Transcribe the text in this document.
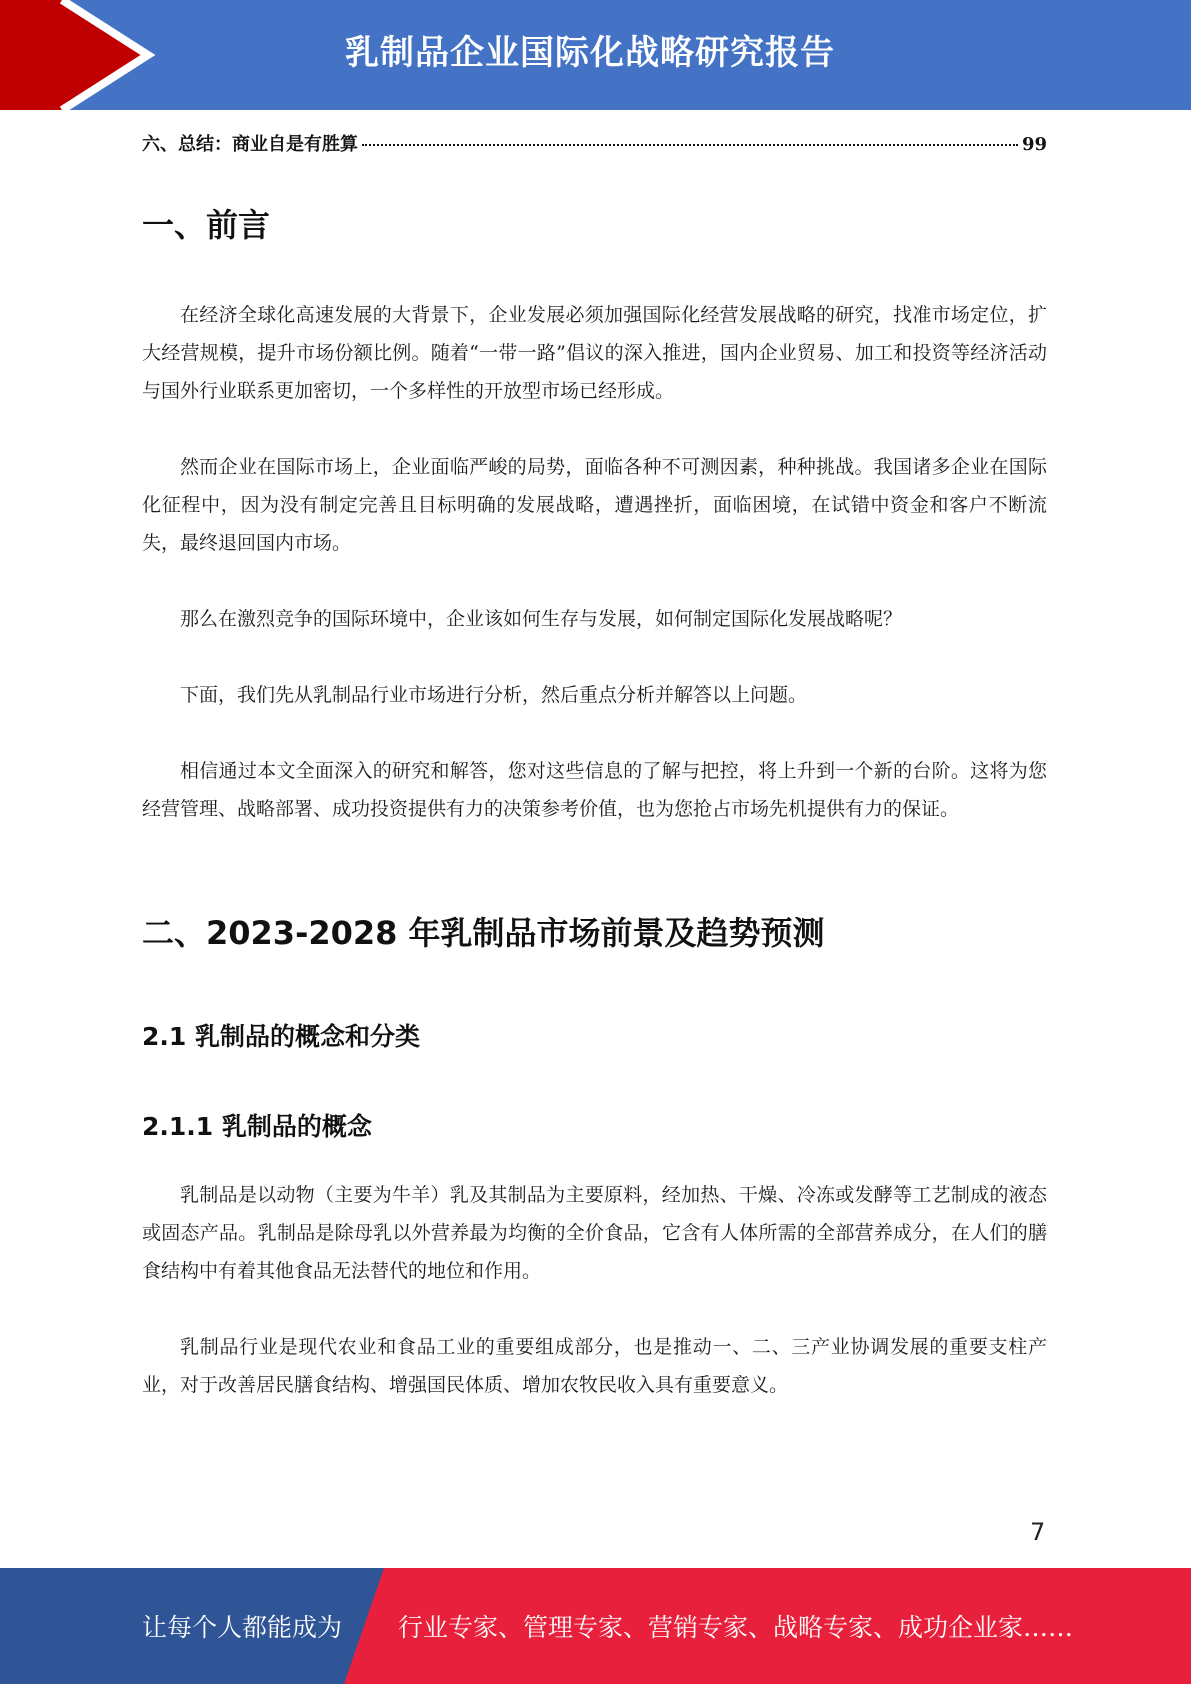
乳制品企业国际化战略研究报告
六、总结：商业自是有胜算	99
一、前言

在经济全球化高速发展的大背景下，企业发展必须加强国际化经营发展战略的研究，找准市场定位，扩大经营规模，提升市场份额比例。随着“一带一路”倡议的深入推进，国内企业贸易、加工和投资等经济活动与国外行业联系更加密切，一个多样性的开放型市场已经形成。

然而企业在国际市场上，企业面临严峻的局势，面临各种不可测因素，种种挑战。我国诸多企业在国际化征程中，因为没有制定完善且目标明确的发展战略，遭遇挫折，面临困境，在试错中资金和客户不断流失，最终退回国内市场。

那么在激烈竞争的国际环境中，企业该如何生存与发展，如何制定国际化发展战略呢？

下面，我们先从乳制品行业市场进行分析，然后重点分析并解答以上问题。

相信通过本文全面深入的研究和解答，您对这些信息的了解与把控，将上升到一个新的台阶。这将为您经营管理、战略部署、成功投资提供有力的决策参考价值，也为您抢占市场先机提供有力的保证。

二、2023-2028 年乳制品市场前景及趋势预测
2.1 乳制品的概念和分类
2.1.1 乳制品的概念

乳制品是以动物（主要为牛羊）乳及其制品为主要原料，经加热、干燥、冷冻或发酵等工艺制成的液态或固态产品。乳制品是除母乳以外营养最为均衡的全价食品，它含有人体所需的全部营养成分，在人们的膳食结构中有着其他食品无法替代的地位和作用。

乳制品行业是现代农业和食品工业的重要组成部分，也是推动一、二、三产业协调发展的重要支柱产业，对于改善居民膳食结构、增强国民体质、增加农牧民收入具有重要意义。

7
让每个人都能成为 行业专家、管理专家、营销专家、战略专家、成功企业家……
